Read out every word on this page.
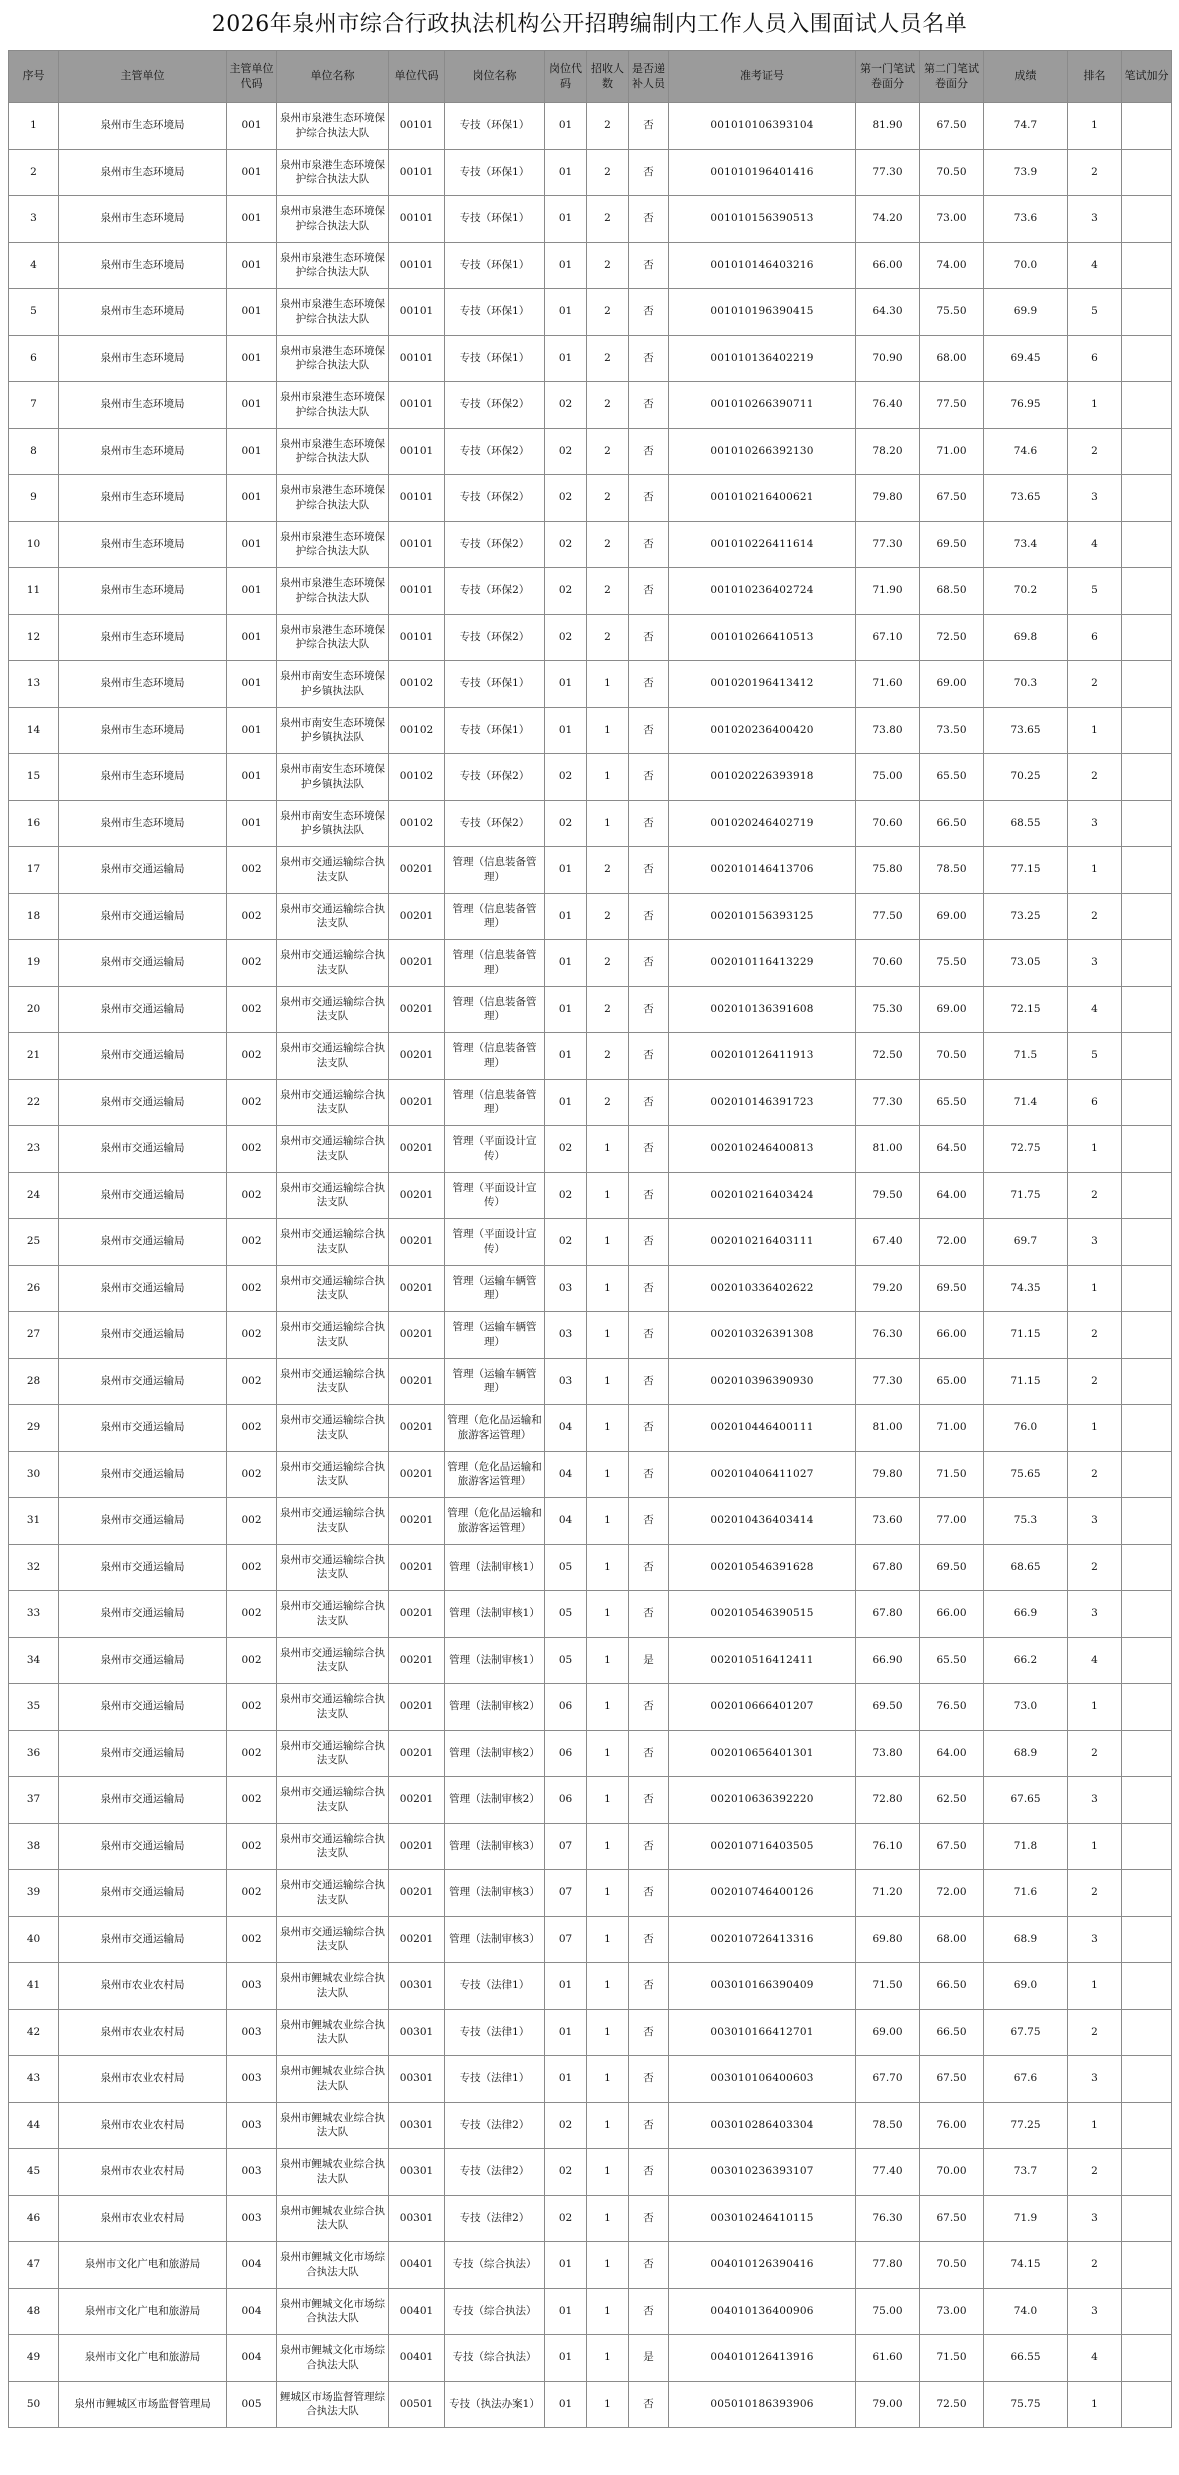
2026年泉州市综合行政执法机构公开招聘编制内工作人员入围面试人员名单
序号	主管单位	主管单位代码	单位名称	单位代码	岗位名称	岗位代码	招收人数	是否递补人员	准考证号	第一门笔试卷面分	第二门笔试卷面分	成绩	排名	笔试加分
1	泉州市生态环境局	001	泉州市泉港生态环境保护综合执法大队	00101	专技（环保1）	01	2	否	001010106393104	81.90	67.50	74.7	1	
2	泉州市生态环境局	001	泉州市泉港生态环境保护综合执法大队	00101	专技（环保1）	01	2	否	001010196401416	77.30	70.50	73.9	2	
3	泉州市生态环境局	001	泉州市泉港生态环境保护综合执法大队	00101	专技（环保1）	01	2	否	001010156390513	74.20	73.00	73.6	3	
4	泉州市生态环境局	001	泉州市泉港生态环境保护综合执法大队	00101	专技（环保1）	01	2	否	001010146403216	66.00	74.00	70.0	4	
5	泉州市生态环境局	001	泉州市泉港生态环境保护综合执法大队	00101	专技（环保1）	01	2	否	001010196390415	64.30	75.50	69.9	5	
6	泉州市生态环境局	001	泉州市泉港生态环境保护综合执法大队	00101	专技（环保1）	01	2	否	001010136402219	70.90	68.00	69.45	6	
7	泉州市生态环境局	001	泉州市泉港生态环境保护综合执法大队	00101	专技（环保2）	02	2	否	001010266390711	76.40	77.50	76.95	1	
8	泉州市生态环境局	001	泉州市泉港生态环境保护综合执法大队	00101	专技（环保2）	02	2	否	001010266392130	78.20	71.00	74.6	2	
9	泉州市生态环境局	001	泉州市泉港生态环境保护综合执法大队	00101	专技（环保2）	02	2	否	001010216400621	79.80	67.50	73.65	3	
10	泉州市生态环境局	001	泉州市泉港生态环境保护综合执法大队	00101	专技（环保2）	02	2	否	001010226411614	77.30	69.50	73.4	4	
11	泉州市生态环境局	001	泉州市泉港生态环境保护综合执法大队	00101	专技（环保2）	02	2	否	001010236402724	71.90	68.50	70.2	5	
12	泉州市生态环境局	001	泉州市泉港生态环境保护综合执法大队	00101	专技（环保2）	02	2	否	001010266410513	67.10	72.50	69.8	6	
13	泉州市生态环境局	001	泉州市南安生态环境保护乡镇执法队	00102	专技（环保1）	01	1	否	001020196413412	71.60	69.00	70.3	2	
14	泉州市生态环境局	001	泉州市南安生态环境保护乡镇执法队	00102	专技（环保1）	01	1	否	001020236400420	73.80	73.50	73.65	1	
15	泉州市生态环境局	001	泉州市南安生态环境保护乡镇执法队	00102	专技（环保2）	02	1	否	001020226393918	75.00	65.50	70.25	2	
16	泉州市生态环境局	001	泉州市南安生态环境保护乡镇执法队	00102	专技（环保2）	02	1	否	001020246402719	70.60	66.50	68.55	3	
17	泉州市交通运输局	002	泉州市交通运输综合执法支队	00201	管理（信息装备管理）	01	2	否	002010146413706	75.80	78.50	77.15	1	
18	泉州市交通运输局	002	泉州市交通运输综合执法支队	00201	管理（信息装备管理）	01	2	否	002010156393125	77.50	69.00	73.25	2	
19	泉州市交通运输局	002	泉州市交通运输综合执法支队	00201	管理（信息装备管理）	01	2	否	002010116413229	70.60	75.50	73.05	3	
20	泉州市交通运输局	002	泉州市交通运输综合执法支队	00201	管理（信息装备管理）	01	2	否	002010136391608	75.30	69.00	72.15	4	
21	泉州市交通运输局	002	泉州市交通运输综合执法支队	00201	管理（信息装备管理）	01	2	否	002010126411913	72.50	70.50	71.5	5	
22	泉州市交通运输局	002	泉州市交通运输综合执法支队	00201	管理（信息装备管理）	01	2	否	002010146391723	77.30	65.50	71.4	6	
23	泉州市交通运输局	002	泉州市交通运输综合执法支队	00201	管理（平面设计宣传）	02	1	否	002010246400813	81.00	64.50	72.75	1	
24	泉州市交通运输局	002	泉州市交通运输综合执法支队	00201	管理（平面设计宣传）	02	1	否	002010216403424	79.50	64.00	71.75	2	
25	泉州市交通运输局	002	泉州市交通运输综合执法支队	00201	管理（平面设计宣传）	02	1	否	002010216403111	67.40	72.00	69.7	3	
26	泉州市交通运输局	002	泉州市交通运输综合执法支队	00201	管理（运输车辆管理）	03	1	否	002010336402622	79.20	69.50	74.35	1	
27	泉州市交通运输局	002	泉州市交通运输综合执法支队	00201	管理（运输车辆管理）	03	1	否	002010326391308	76.30	66.00	71.15	2	
28	泉州市交通运输局	002	泉州市交通运输综合执法支队	00201	管理（运输车辆管理）	03	1	否	002010396390930	77.30	65.00	71.15	2	
29	泉州市交通运输局	002	泉州市交通运输综合执法支队	00201	管理（危化品运输和旅游客运管理）	04	1	否	002010446400111	81.00	71.00	76.0	1	
30	泉州市交通运输局	002	泉州市交通运输综合执法支队	00201	管理（危化品运输和旅游客运管理）	04	1	否	002010406411027	79.80	71.50	75.65	2	
31	泉州市交通运输局	002	泉州市交通运输综合执法支队	00201	管理（危化品运输和旅游客运管理）	04	1	否	002010436403414	73.60	77.00	75.3	3	
32	泉州市交通运输局	002	泉州市交通运输综合执法支队	00201	管理（法制审核1）	05	1	否	002010546391628	67.80	69.50	68.65	2	
33	泉州市交通运输局	002	泉州市交通运输综合执法支队	00201	管理（法制审核1）	05	1	否	002010546390515	67.80	66.00	66.9	3	
34	泉州市交通运输局	002	泉州市交通运输综合执法支队	00201	管理（法制审核1）	05	1	是	002010516412411	66.90	65.50	66.2	4	
35	泉州市交通运输局	002	泉州市交通运输综合执法支队	00201	管理（法制审核2）	06	1	否	002010666401207	69.50	76.50	73.0	1	
36	泉州市交通运输局	002	泉州市交通运输综合执法支队	00201	管理（法制审核2）	06	1	否	002010656401301	73.80	64.00	68.9	2	
37	泉州市交通运输局	002	泉州市交通运输综合执法支队	00201	管理（法制审核2）	06	1	否	002010636392220	72.80	62.50	67.65	3	
38	泉州市交通运输局	002	泉州市交通运输综合执法支队	00201	管理（法制审核3）	07	1	否	002010716403505	76.10	67.50	71.8	1	
39	泉州市交通运输局	002	泉州市交通运输综合执法支队	00201	管理（法制审核3）	07	1	否	002010746400126	71.20	72.00	71.6	2	
40	泉州市交通运输局	002	泉州市交通运输综合执法支队	00201	管理（法制审核3）	07	1	否	002010726413316	69.80	68.00	68.9	3	
41	泉州市农业农村局	003	泉州市鲤城农业综合执法大队	00301	专技（法律1）	01	1	否	003010166390409	71.50	66.50	69.0	1	
42	泉州市农业农村局	003	泉州市鲤城农业综合执法大队	00301	专技（法律1）	01	1	否	003010166412701	69.00	66.50	67.75	2	
43	泉州市农业农村局	003	泉州市鲤城农业综合执法大队	00301	专技（法律1）	01	1	否	003010106400603	67.70	67.50	67.6	3	
44	泉州市农业农村局	003	泉州市鲤城农业综合执法大队	00301	专技（法律2）	02	1	否	003010286403304	78.50	76.00	77.25	1	
45	泉州市农业农村局	003	泉州市鲤城农业综合执法大队	00301	专技（法律2）	02	1	否	003010236393107	77.40	70.00	73.7	2	
46	泉州市农业农村局	003	泉州市鲤城农业综合执法大队	00301	专技（法律2）	02	1	否	003010246410115	76.30	67.50	71.9	3	
47	泉州市文化广电和旅游局	004	泉州市鲤城文化市场综合执法大队	00401	专技（综合执法）	01	1	否	004010126390416	77.80	70.50	74.15	2	
48	泉州市文化广电和旅游局	004	泉州市鲤城文化市场综合执法大队	00401	专技（综合执法）	01	1	否	004010136400906	75.00	73.00	74.0	3	
49	泉州市文化广电和旅游局	004	泉州市鲤城文化市场综合执法大队	00401	专技（综合执法）	01	1	是	004010126413916	61.60	71.50	66.55	4	
50	泉州市鲤城区市场监督管理局	005	鲤城区市场监督管理综合执法大队	00501	专技（执法办案1）	01	1	否	005010186393906	79.00	72.50	75.75	1	
